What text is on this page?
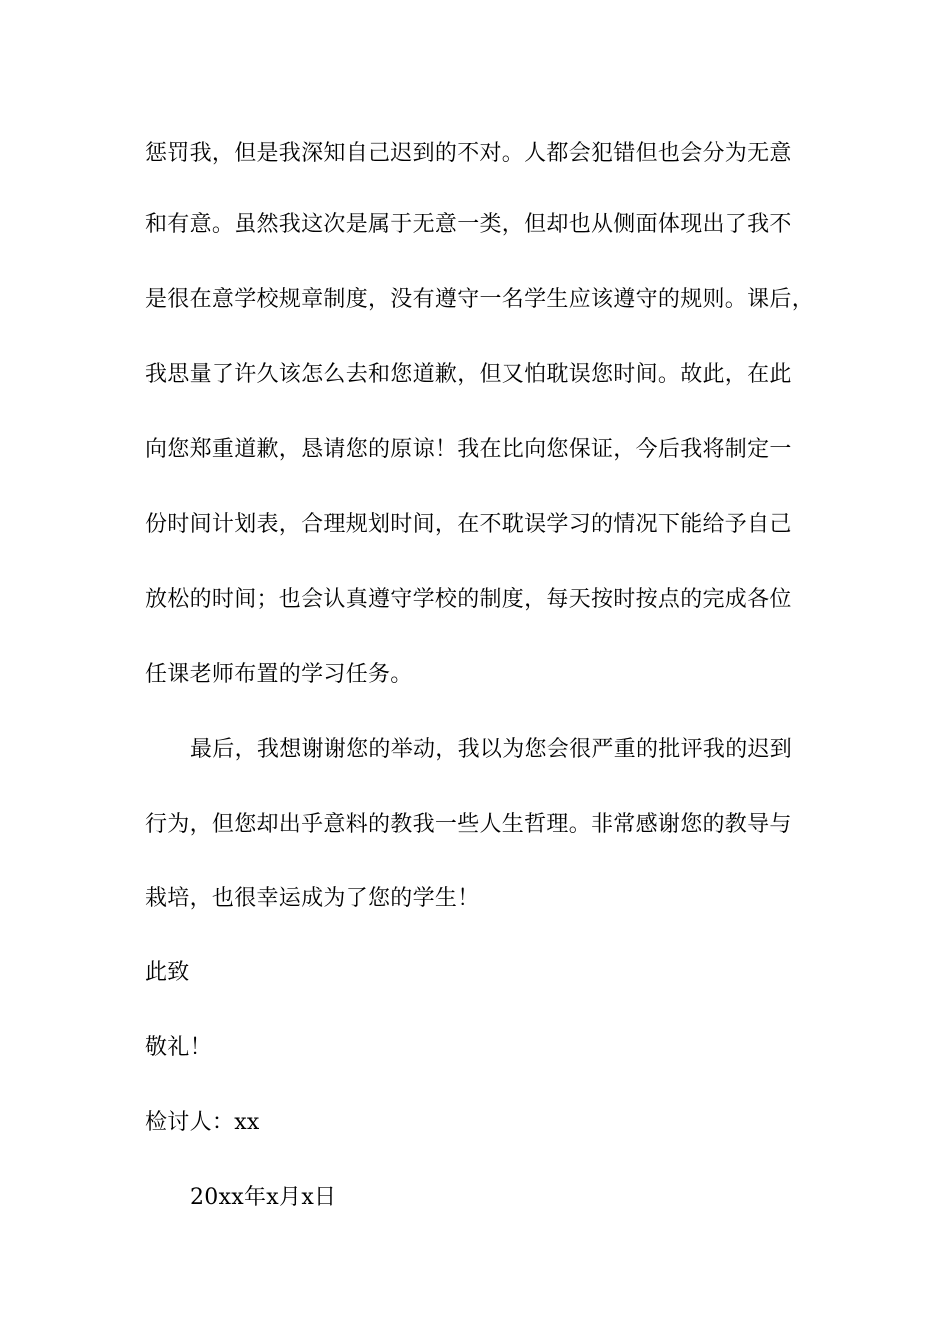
惩罚我，但是我深知自己迟到的不对。人都会犯错但也会分为无意
和有意。虽然我这次是属于无意一类，但却也从侧面体现出了我不
是很在意学校规章制度，没有遵守一名学生应该遵守的规则。课后，
我思量了许久该怎么去和您道歉，但又怕耽误您时间。故此，在此
向您郑重道歉，恳请您的原谅！我在比向您保证，今后我将制定一
份时间计划表，合理规划时间，在不耽误学习的情况下能给予自己
放松的时间；也会认真遵守学校的制度，每天按时按点的完成各位
任课老师布置的学习任务。
最后，我想谢谢您的举动，我以为您会很严重的批评我的迟到
行为，但您却出乎意料的教我一些人生哲理。非常感谢您的教导与
栽培，也很幸运成为了您的学生！
此致
敬礼！
检讨人：xx
20xx年x月x日
